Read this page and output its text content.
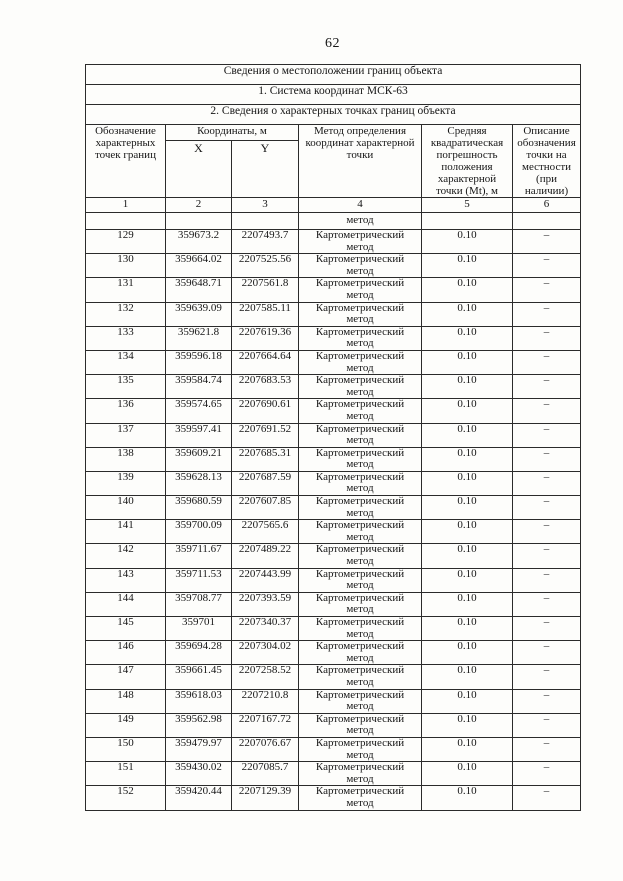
62
Сведения о местоположении границ объекта					
1. Система координат МСК-63					
2. Сведения о характерных точках границ объекта					
Обозначение характерных точек границ	Координаты, м		Метод определения координат характерной точки	Средняя квадратическая погрешность положения характерной точки (Mt), м	Описание обозначения точки на местности (при наличии)
	X	Y			
1	2	3	4	5	6
			метод		
129	359673.2	2207493.7	Картометрический метод	0.10	–
130	359664.02	2207525.56	Картометрический метод	0.10	–
131	359648.71	2207561.8	Картометрический метод	0.10	–
132	359639.09	2207585.11	Картометрический метод	0.10	–
133	359621.8	2207619.36	Картометрический метод	0.10	–
134	359596.18	2207664.64	Картометрический метод	0.10	–
135	359584.74	2207683.53	Картометрический метод	0.10	–
136	359574.65	2207690.61	Картометрический метод	0.10	–
137	359597.41	2207691.52	Картометрический метод	0.10	–
138	359609.21	2207685.31	Картометрический метод	0.10	–
139	359628.13	2207687.59	Картометрический метод	0.10	–
140	359680.59	2207607.85	Картометрический метод	0.10	–
141	359700.09	2207565.6	Картометрический метод	0.10	–
142	359711.67	2207489.22	Картометрический метод	0.10	–
143	359711.53	2207443.99	Картометрический метод	0.10	–
144	359708.77	2207393.59	Картометрический метод	0.10	–
145	359701	2207340.37	Картометрический метод	0.10	–
146	359694.28	2207304.02	Картометрический метод	0.10	–
147	359661.45	2207258.52	Картометрический метод	0.10	–
148	359618.03	2207210.8	Картометрический метод	0.10	–
149	359562.98	2207167.72	Картометрический метод	0.10	–
150	359479.97	2207076.67	Картометрический метод	0.10	–
151	359430.02	2207085.7	Картометрический метод	0.10	–
152	359420.44	2207129.39	Картометрический метод	0.10	–
